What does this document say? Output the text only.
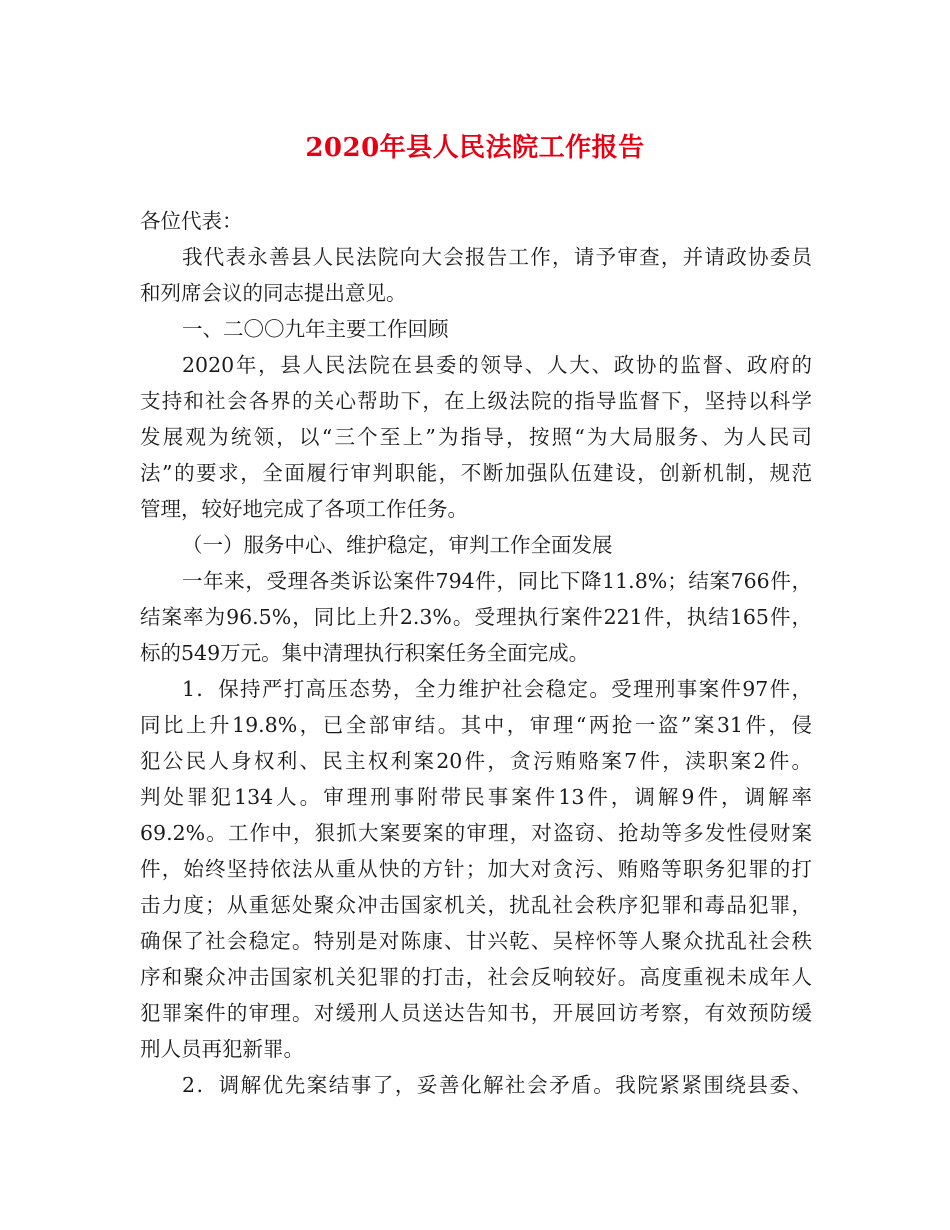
2020年县人民法院工作报告
各位代表：
我代表永善县人民法院向大会报告工作，请予审查，并请政协委员
和列席会议的同志提出意见。
一、二〇〇九年主要工作回顾
2020年，县人民法院在县委的领导、人大、政协的监督、政府的
支持和社会各界的关心帮助下，在上级法院的指导监督下，坚持以科学
发展观为统领，以“三个至上”为指导，按照“为大局服务、为人民司
法”的要求，全面履行审判职能，不断加强队伍建设，创新机制，规范
管理，较好地完成了各项工作任务。
（一）服务中心、维护稳定，审判工作全面发展
一年来，受理各类诉讼案件794件，同比下降11.8%；结案766件，
结案率为96.5%，同比上升2.3%。受理执行案件221件，执结165件，
标的549万元。集中清理执行积案任务全面完成。
1．保持严打高压态势，全力维护社会稳定。受理刑事案件97件，
同比上升19.8%，已全部审结。其中，审理“两抢一盗”案31件，侵
犯公民人身权利、民主权利案20件，贪污贿赂案7件，渎职案2件。
判处罪犯134人。审理刑事附带民事案件13件，调解9件，调解率
69.2%。工作中，狠抓大案要案的审理，对盗窃、抢劫等多发性侵财案
件，始终坚持依法从重从快的方针；加大对贪污、贿赂等职务犯罪的打
击力度；从重惩处聚众冲击国家机关，扰乱社会秩序犯罪和毒品犯罪，
确保了社会稳定。特别是对陈康、甘兴乾、吴梓怀等人聚众扰乱社会秩
序和聚众冲击国家机关犯罪的打击，社会反响较好。高度重视未成年人
犯罪案件的审理。对缓刑人员送达告知书，开展回访考察，有效预防缓
刑人员再犯新罪。
2．调解优先案结事了，妥善化解社会矛盾。我院紧紧围绕县委、
